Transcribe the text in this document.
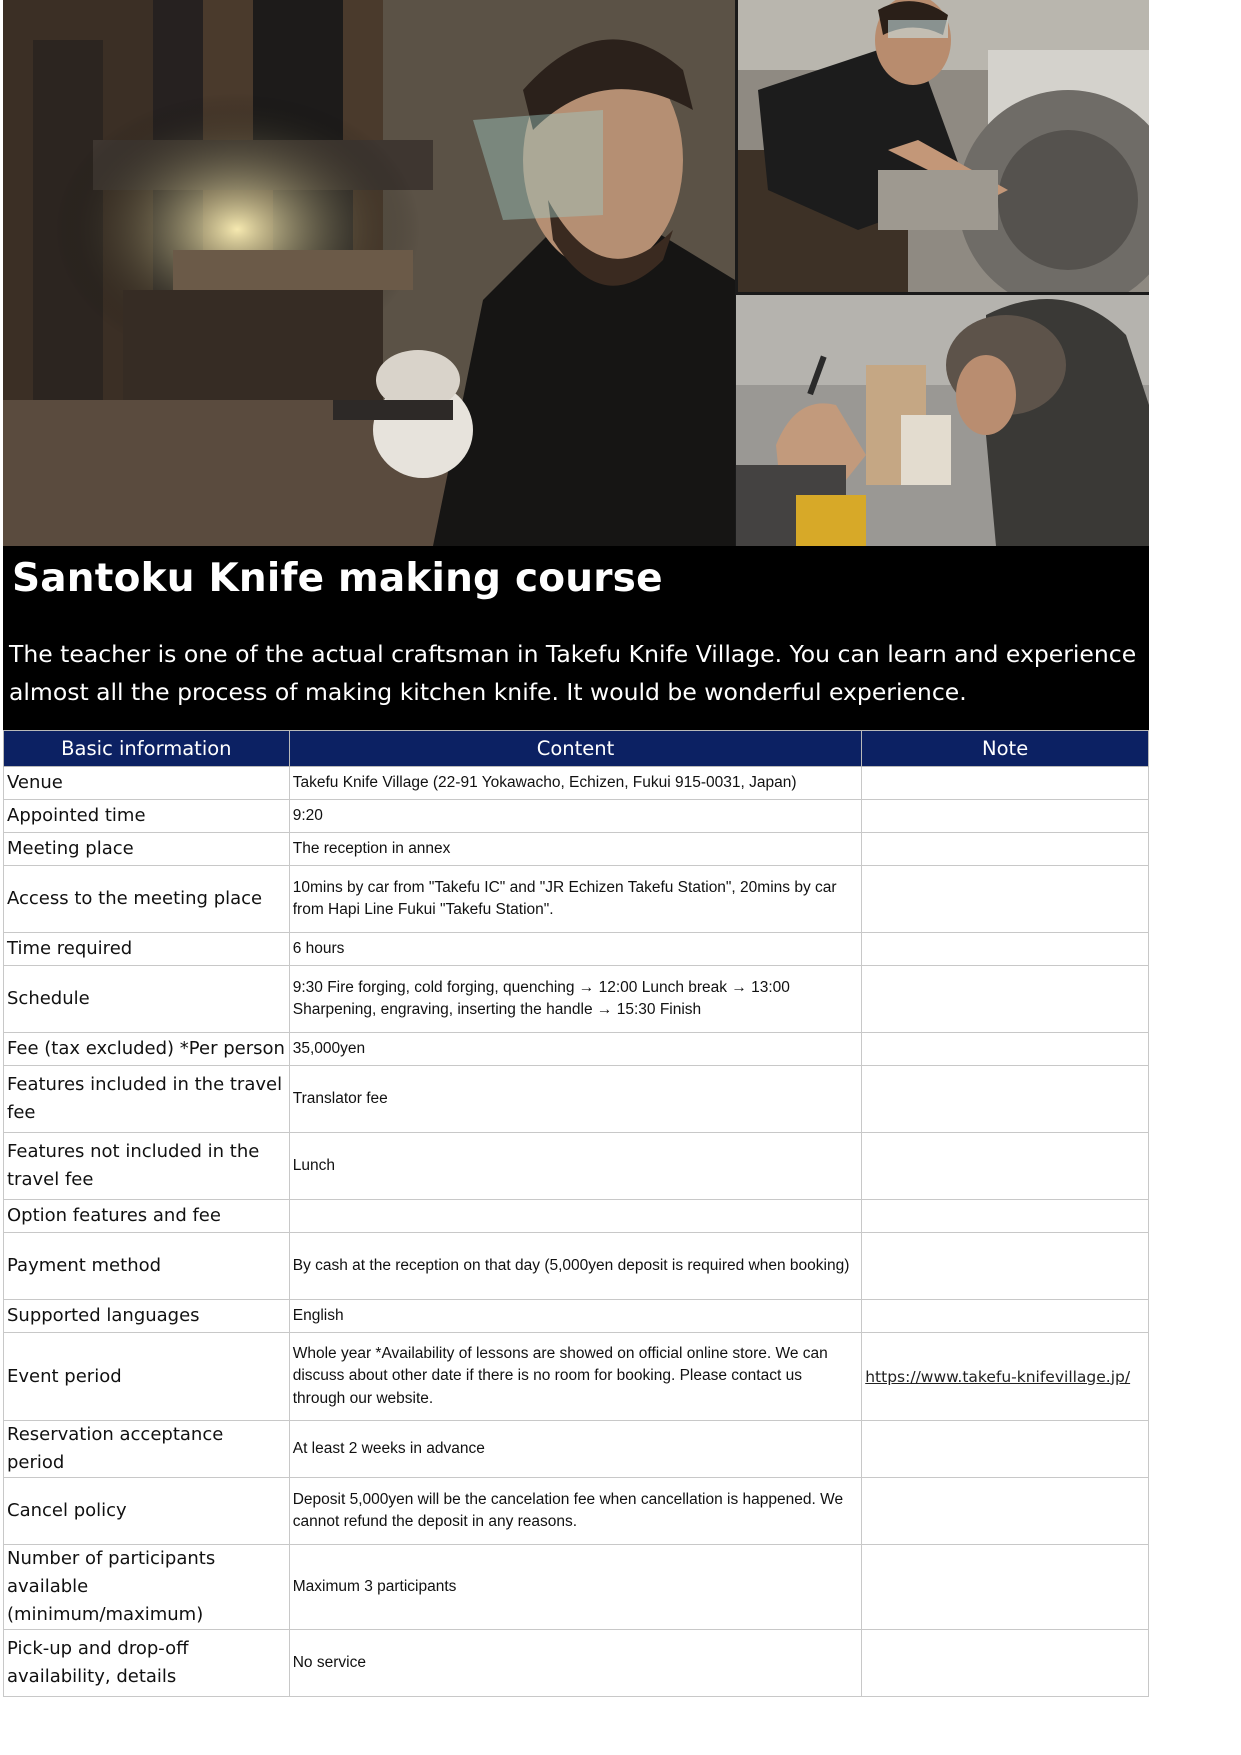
Santoku Knife making course

The teacher is one of the actual craftsman in Takefu Knife Village. You can learn and experience almost all the process of making kitchen knife. It would be wonderful experience.

Basic information	Content	Note
Venue	Takefu Knife Village (22-91 Yokawacho, Echizen, Fukui 915-0031, Japan)	
Appointed time	9:20	
Meeting place	The reception in annex	
Access to the meeting place	10mins by car from "Takefu IC" and "JR Echizen Takefu Station", 20mins by car from Hapi Line Fukui "Takefu Station".	
Time required	6 hours	
Schedule	9:30 Fire forging, cold forging, quenching → 12:00 Lunch break → 13:00 Sharpening, engraving, inserting the handle → 15:30 Finish	
Fee (tax excluded) *Per person	35,000yen	
Features included in the travel fee	Translator fee	
Features not included in the travel fee	Lunch	
Option features and fee		
Payment method	By cash at the reception on that day (5,000yen deposit is required when booking)	
Supported languages	English	
Event period	Whole year *Availability of lessons are showed on official online store. We can discuss about other date if there is no room for booking. Please contact us through our website.	https://www.takefu-knifevillage.jp/
Reservation acceptance period	At least 2 weeks in advance	
Cancel policy	Deposit 5,000yen will be the cancelation fee when cancellation is happened. We cannot refund the deposit in any reasons.	
Number of participants available (minimum/maximum)	Maximum 3 participants	
Pick-up and drop-off availability, details	No service	
